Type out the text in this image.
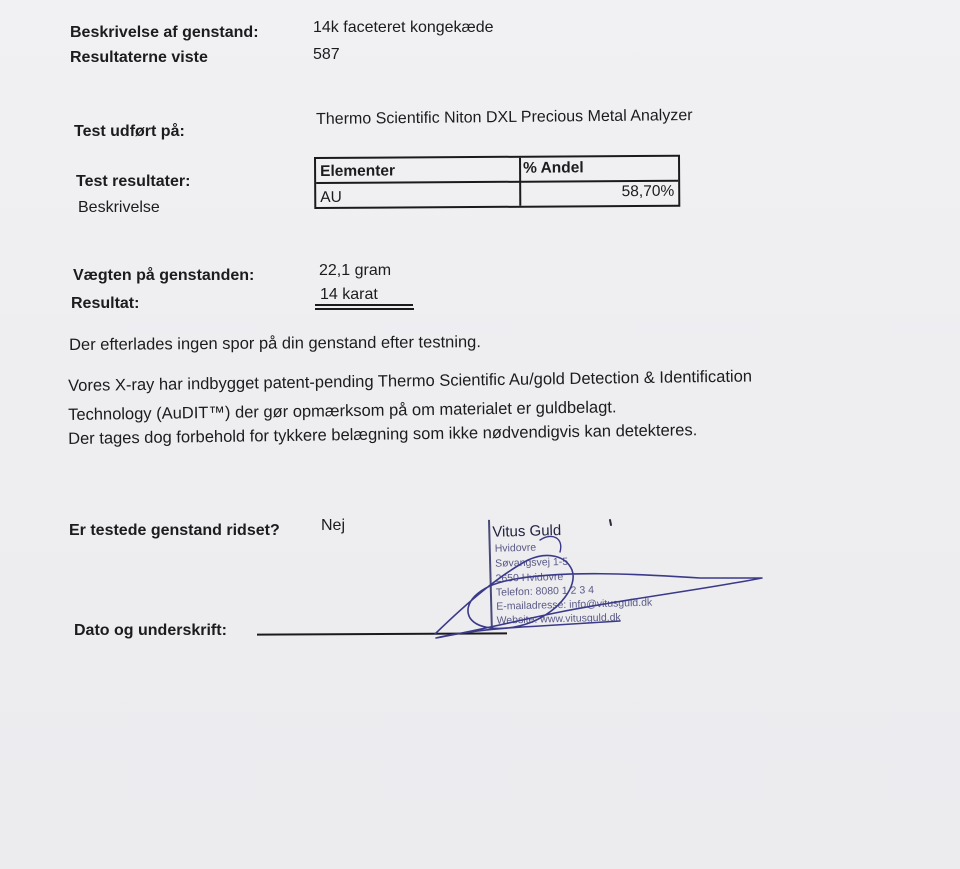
Beskrivelse af genstand:	14k faceteret kongekæde
Resultaterne viste	587
Test udført på:
Thermo Scientific Niton DXL Precious Metal Analyzer
Test resultater:
Beskrivelse
Elementer	% Andel
AU	58,70%
Vægten på genstanden:	22,1 gram
Resultat:
14 karat
Der efterlades ingen spor på din genstand efter testning.
Vores X-ray har indbygget patent-pending Thermo Scientific Au/gold Detection & Identification
Technology (AuDIT™) der gør opmærksom på om materialet er guldbelagt.
Der tages dog forbehold for tykkere belægning som ikke nødvendigvis kan detekteres.
Er testede genstand ridset?	Nej
Dato og underskrift:
Vitus Guld
Hvidovre
Søvangsvej 1-5
2650 Hvidovre
Telefon: 8080 1 2 3 4
E-mailadresse: info@vitusguld.dk
Website: www.vitusguld.dk
